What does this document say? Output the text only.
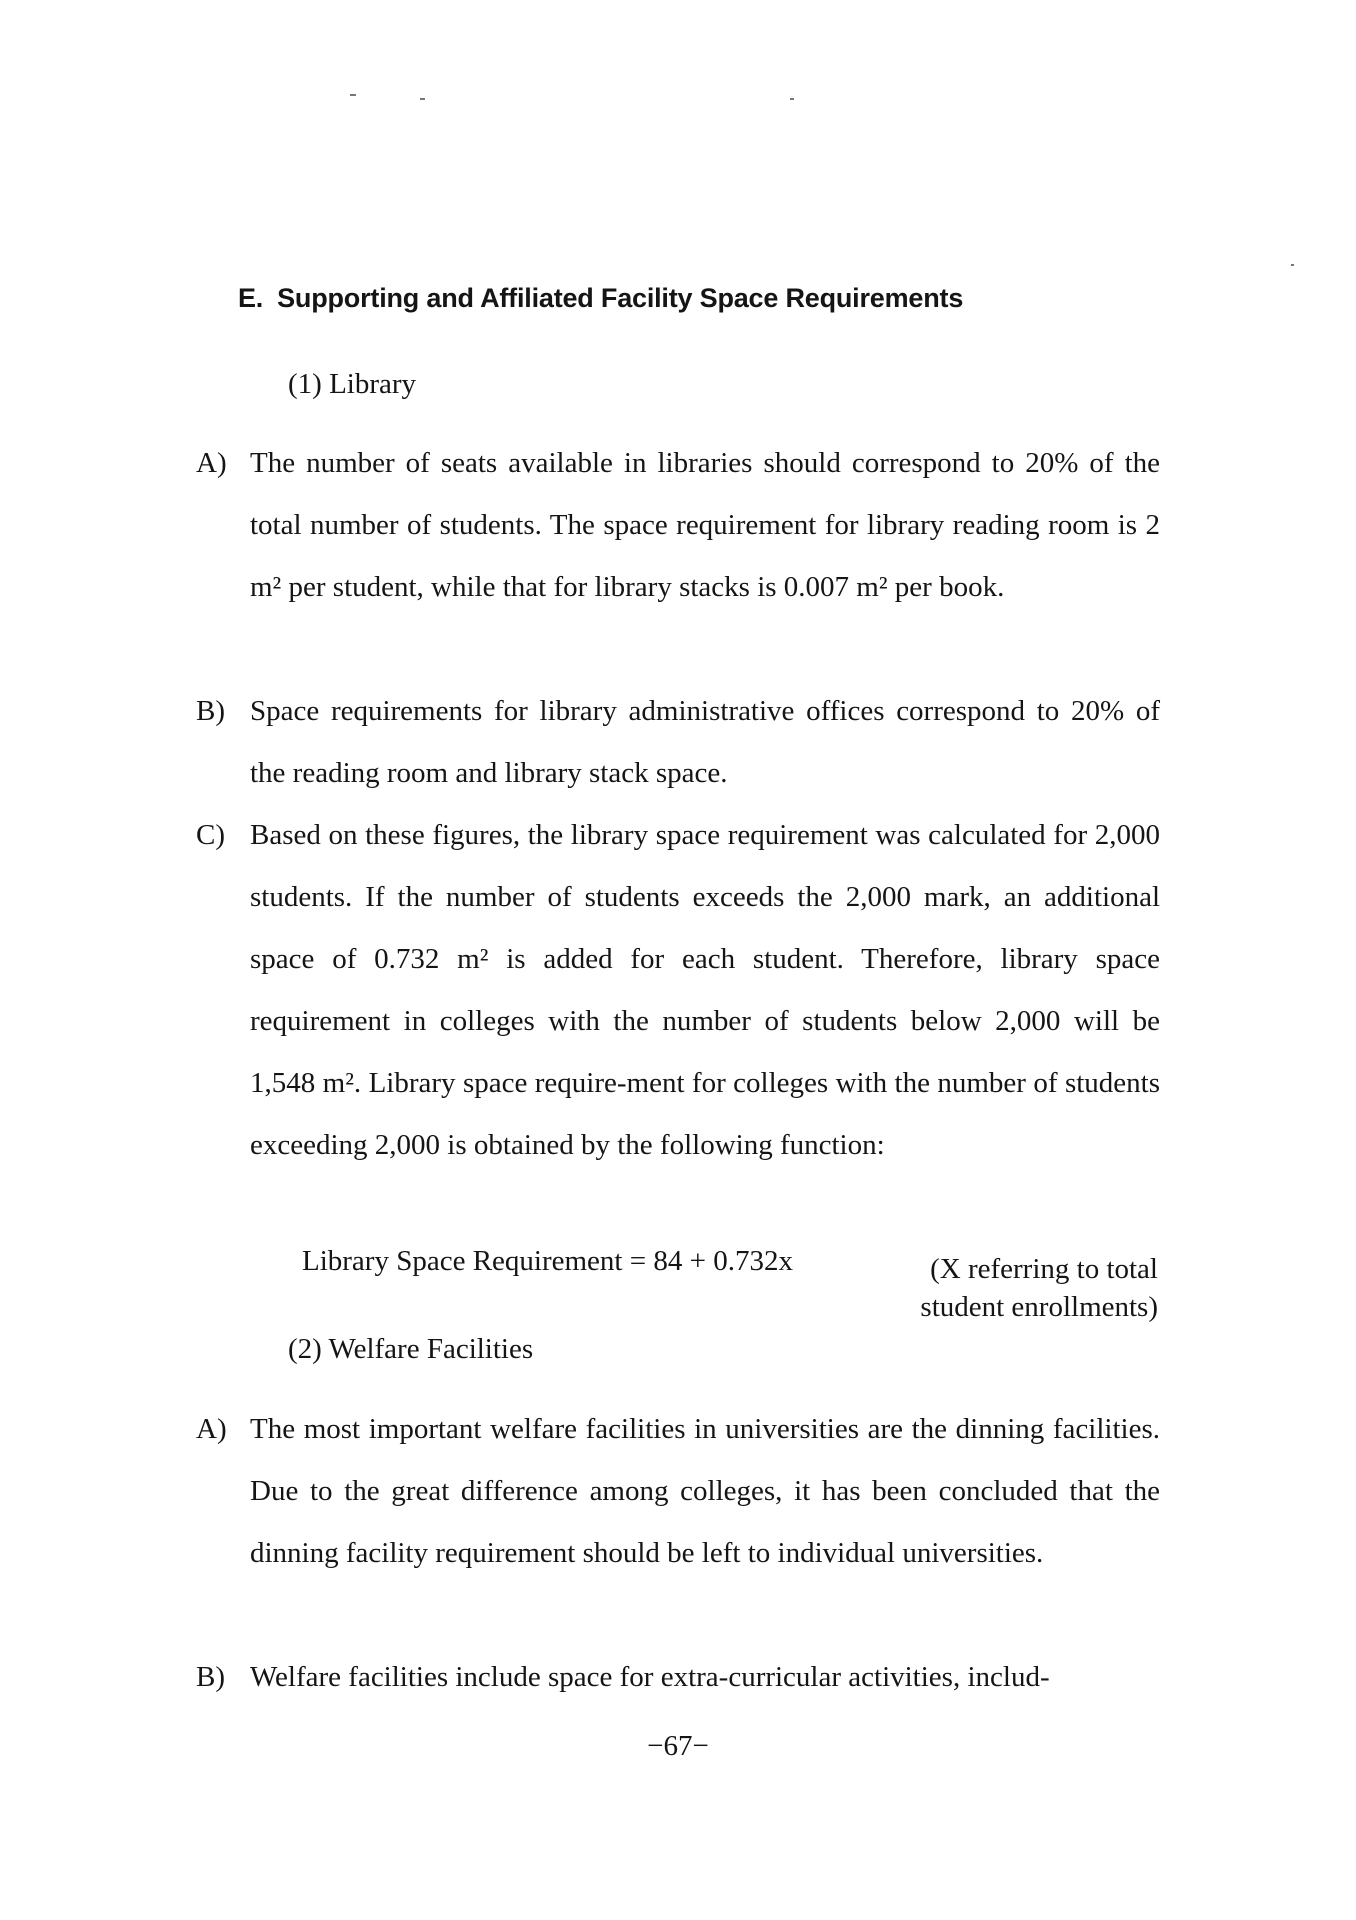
E. Supporting and Affiliated Facility Space Requirements
(1) Library
A) The number of seats available in libraries should correspond to 20% of the total number of students. The space requirement for library reading room is 2 m² per student, while that for library stacks is 0.007 m² per book.
B) Space requirements for library administrative offices correspond to 20% of the reading room and library stack space.
C) Based on these figures, the library space requirement was calculated for 2,000 students. If the number of students exceeds the 2,000 mark, an additional space of 0.732 m² is added for each student. Therefore, library space requirement in colleges with the number of students below 2,000 will be 1,548 m². Library space require-ment for colleges with the number of students exceeding 2,000 is obtained by the following function:
Library Space Requirement = 84 + 0.732x	(X referring to total student enrollments)
(2) Welfare Facilities
A) The most important welfare facilities in universities are the dinning facilities. Due to the great difference among colleges, it has been concluded that the dinning facility requirement should be left to individual universities.
B) Welfare facilities include space for extra-curricular activities, includ-
−67−
